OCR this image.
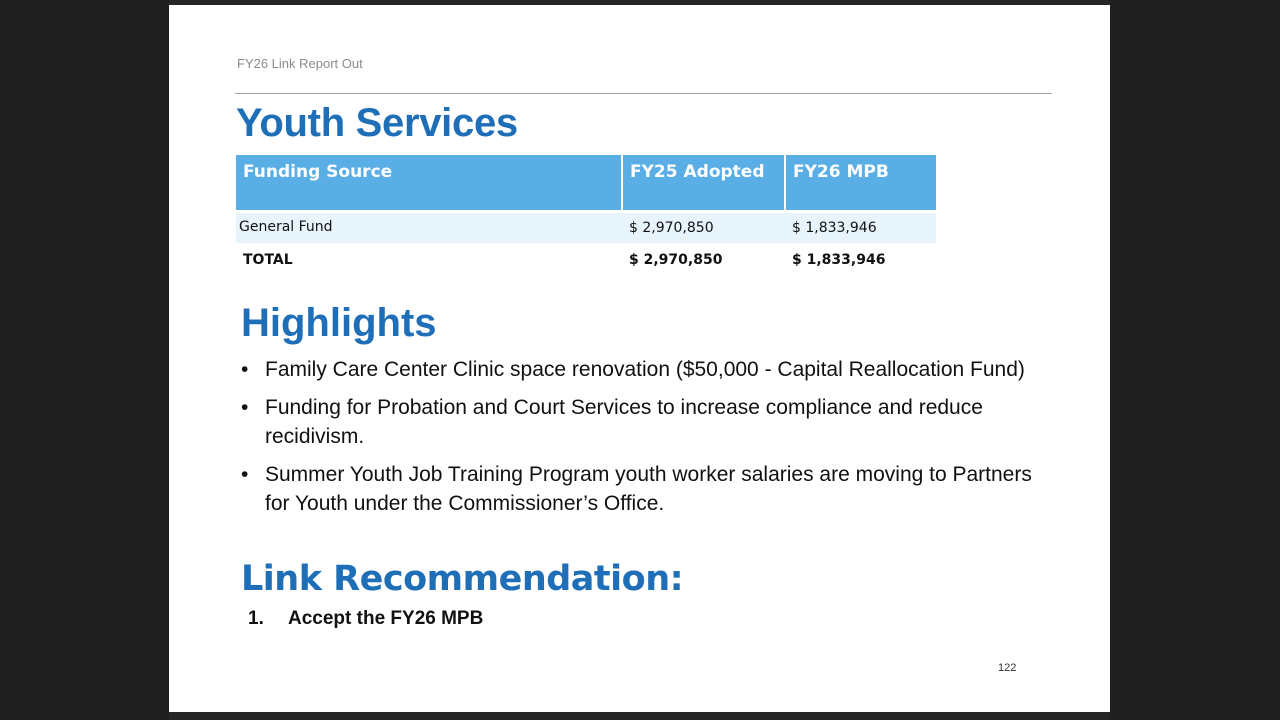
FY26 Link Report Out
Youth Services
Funding Source	FY25 Adopted	FY26 MPB
General Fund	$ 2,970,850	$ 1,833,946
TOTAL	$ 2,970,850	$ 1,833,946
Highlights
• Family Care Center Clinic space renovation ($50,000 - Capital Reallocation Fund)
• Funding for Probation and Court Services to increase compliance and reduce recidivism.
• Summer Youth Job Training Program youth worker salaries are moving to Partners for Youth under the Commissioner’s Office.
Link Recommendation:
1. Accept the FY26 MPB
122
